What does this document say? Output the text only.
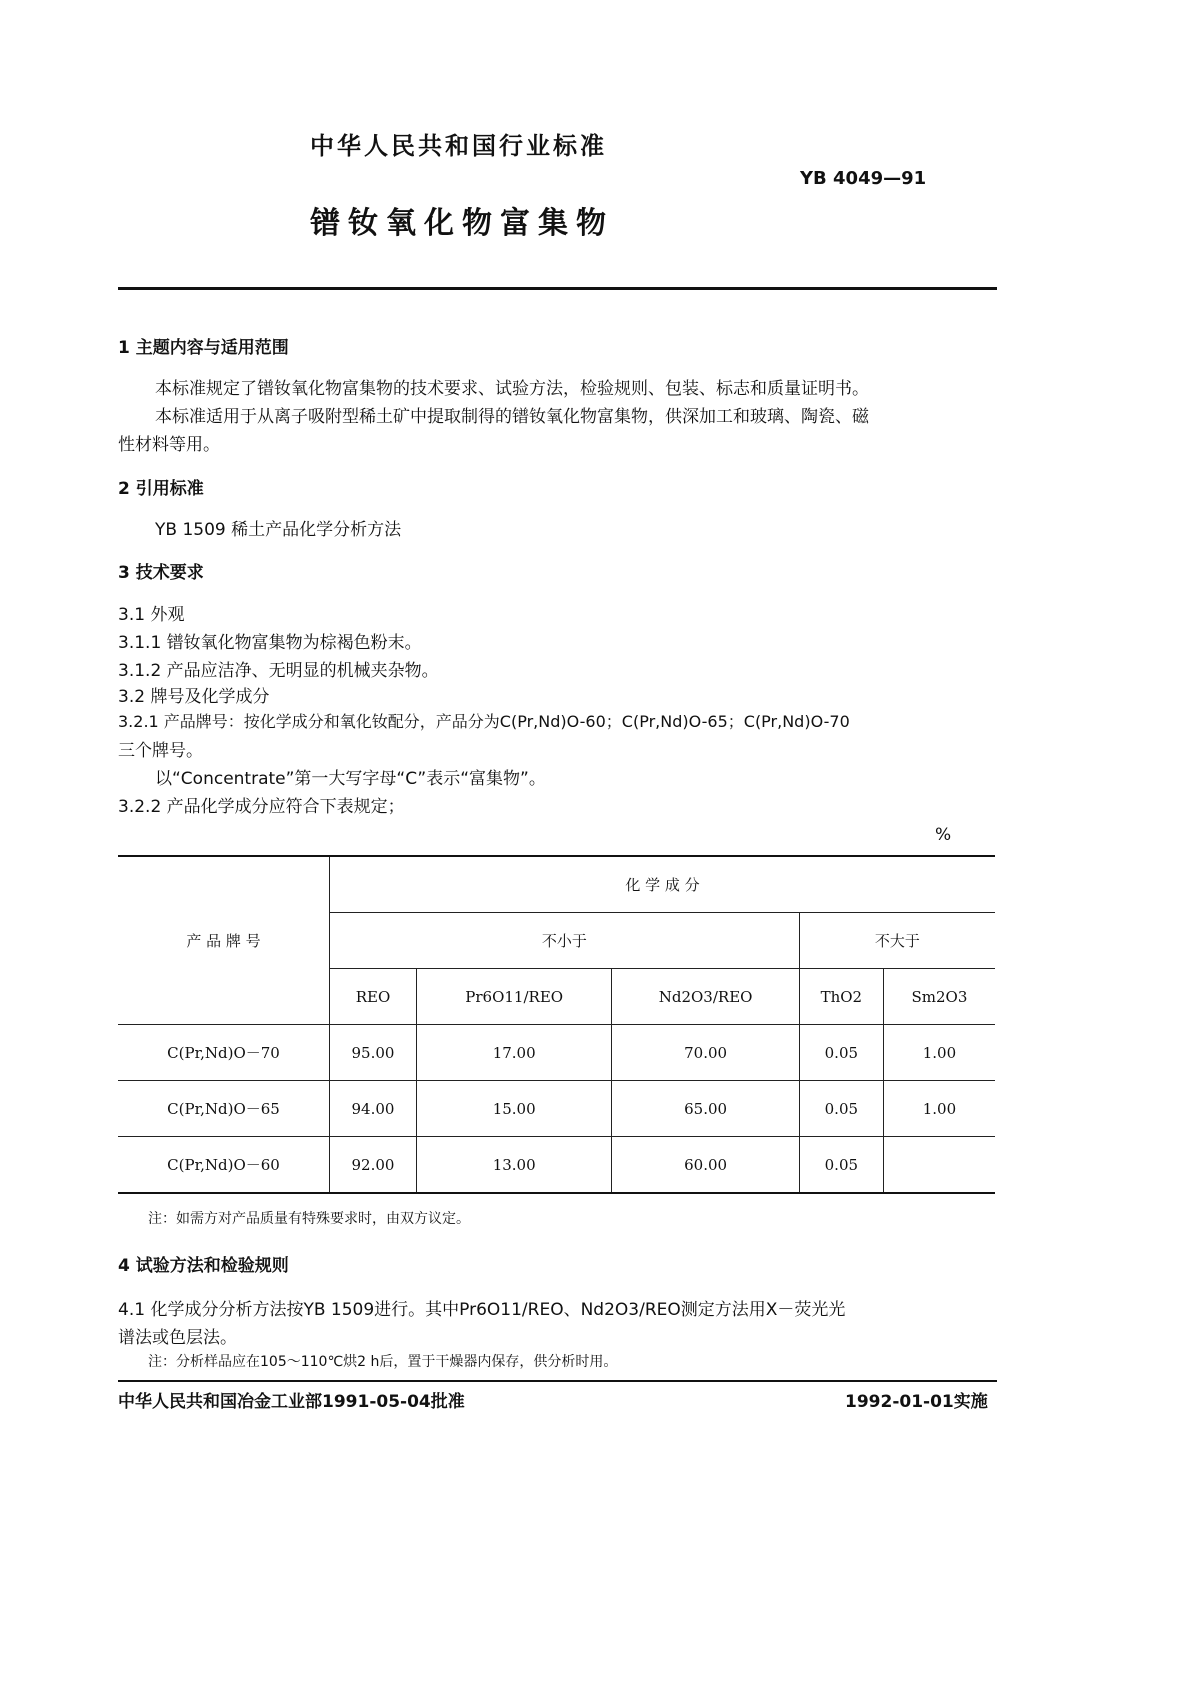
中华人民共和国行业标准
YB 4049—91
镨钕氧化物富集物
1 主题内容与适用范围
本标准规定了镨钕氧化物富集物的技术要求、试验方法，检验规则、包装、标志和质量证明书。
本标准适用于从离子吸附型稀土矿中提取制得的镨钕氧化物富集物，供深加工和玻璃、陶瓷、磁
性材料等用。
2 引用标准
YB 1509 稀土产品化学分析方法
3 技术要求
3.1 外观
3.1.1 镨钕氧化物富集物为棕褐色粉末。
3.1.2 产品应洁净、无明显的机械夹杂物。
3.2 牌号及化学成分
3.2.1 产品牌号：按化学成分和氧化钕配分，产品分为C(Pr,Nd)O-60；C(Pr,Nd)O-65；C(Pr,Nd)O-70
三个牌号。
以“Concentrate”第一大写字母“C”表示“富集物”。
3.2.2 产品化学成分应符合下表规定；
%
产 品 牌 号	化 学 成 分				
	不小于			不大于	
	REO	Pr6O11/REO	Nd2O3/REO	ThO2	Sm2O3
C(Pr,Nd)O－70	95.00	17.00	70.00	0.05	1.00
C(Pr,Nd)O－65	94.00	15.00	65.00	0.05	1.00
C(Pr,Nd)O－60	92.00	13.00	60.00	0.05	
注：如需方对产品质量有特殊要求时，由双方议定。
4 试验方法和检验规则
4.1 化学成分分析方法按YB 1509进行。其中Pr6O11/REO、Nd2O3/REO测定方法用X－荧光光
谱法或色层法。
注：分析样品应在105～110℃烘2 h后，置于干燥器内保存，供分析时用。
中华人民共和国冶金工业部1991-05-04批准	1992-01-01实施
